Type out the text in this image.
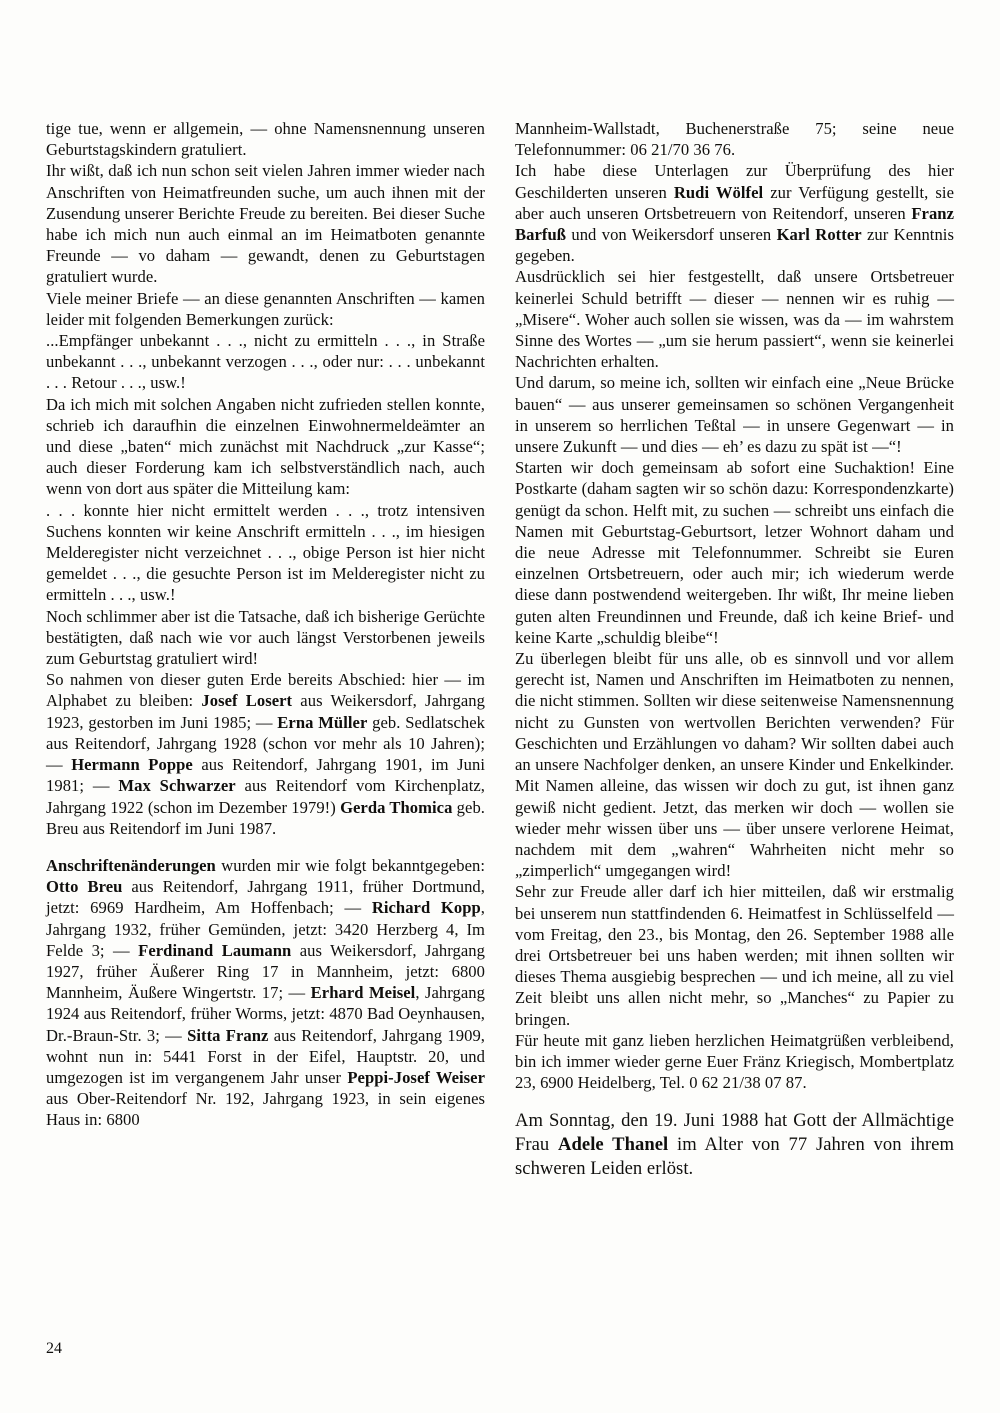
tige tue, wenn er allgemein, — ohne Namensnennung unseren Geburtstagskindern gratuliert.

Ihr wißt, daß ich nun schon seit vielen Jahren immer wieder nach Anschriften von Heimatfreunden suche, um auch ihnen mit der Zusendung unserer Berichte Freude zu bereiten. Bei dieser Suche habe ich mich nun auch einmal an im Heimatboten genannte Freunde — vo daham — gewandt, denen zu Geburtstagen gratuliert wurde.

Viele meiner Briefe — an diese genannten Anschriften — kamen leider mit folgenden Bemerkungen zurück:

...Empfänger unbekannt . . ., nicht zu ermitteln . . ., in Straße unbekannt . . ., unbekannt verzogen . . ., oder nur: . . . unbekannt . . . Retour . . ., usw.!

Da ich mich mit solchen Angaben nicht zufrieden stellen konnte, schrieb ich daraufhin die einzelnen Einwohnermeldeämter an und diese „baten“ mich zunächst mit Nachdruck „zur Kasse“; auch dieser Forderung kam ich selbstverständlich nach, auch wenn von dort aus später die Mitteilung kam:

. . . konnte hier nicht ermittelt werden . . ., trotz intensiven Suchens konnten wir keine Anschrift ermitteln . . ., im hiesigen Melderegister nicht verzeichnet . . ., obige Person ist hier nicht gemeldet . . ., die gesuchte Person ist im Melderegister nicht zu ermitteln . . ., usw.!

Noch schlimmer aber ist die Tatsache, daß ich bisherige Gerüchte bestätigten, daß nach wie vor auch längst Verstorbenen jeweils zum Geburtstag gratuliert wird!

So nahmen von dieser guten Erde bereits Abschied: hier — im Alphabet zu bleiben: Josef Losert aus Weikersdorf, Jahrgang 1923, gestorben im Juni 1985; — Erna Müller geb. Sedlatschek aus Reitendorf, Jahrgang 1928 (schon vor mehr als 10 Jahren); — Hermann Poppe aus Reitendorf, Jahrgang 1901, im Juni 1981; — Max Schwarzer aus Reitendorf vom Kirchenplatz, Jahrgang 1922 (schon im Dezember 1979!) Gerda Thomica geb. Breu aus Reitendorf im Juni 1987.

Anschriftenänderungen wurden mir wie folgt bekanntgegeben: Otto Breu aus Reitendorf, Jahrgang 1911, früher Dortmund, jetzt: 6969 Hardheim, Am Hoffenbach; — Richard Kopp, Jahrgang 1932, früher Gemünden, jetzt: 3420 Herzberg 4, Im Felde 3; — Ferdinand Laumann aus Weikersdorf, Jahrgang 1927, früher Äußerer Ring 17 in Mannheim, jetzt: 6800 Mannheim, Äußere Wingertstr. 17; — Erhard Meisel, Jahrgang 1924 aus Reitendorf, früher Worms, jetzt: 4870 Bad Oeynhausen, Dr.-Braun-Str. 3; — Sitta Franz aus Reitendorf, Jahrgang 1909, wohnt nun in: 5441 Forst in der Eifel, Hauptstr. 20, und umgezogen ist im vergangenem Jahr unser Peppi-Josef Weiser aus Ober-Reitendorf Nr. 192, Jahrgang 1923, in sein eigenes Haus in: 6800

Mannheim-Wallstadt, Buchenerstraße 75; seine neue Telefonnummer: 06 21/70 36 76.

Ich habe diese Unterlagen zur Überprüfung des hier Geschilderten unseren Rudi Wölfel zur Verfügung gestellt, sie aber auch unseren Ortsbetreuern von Reitendorf, unseren Franz Barfuß und von Weikersdorf unseren Karl Rotter zur Kenntnis gegeben.

Ausdrücklich sei hier festgestellt, daß unsere Ortsbetreuer keinerlei Schuld betrifft — dieser — nennen wir es ruhig — „Misere“. Woher auch sollen sie wissen, was da — im wahrstem Sinne des Wortes — „um sie herum passiert“, wenn sie keinerlei Nachrichten erhalten.

Und darum, so meine ich, sollten wir einfach eine „Neue Brücke bauen“ — aus unserer gemeinsamen so schönen Vergangenheit in unserem so herrlichen Teßtal — in unsere Gegenwart — in unsere Zukunft — und dies — eh’ es dazu zu spät ist —“!

Starten wir doch gemeinsam ab sofort eine Suchaktion! Eine Postkarte (daham sagten wir so schön dazu: Korrespondenzkarte) genügt da schon. Helft mit, zu suchen — schreibt uns einfach die Namen mit Geburtstag-Geburtsort, letzer Wohnort daham und die neue Adresse mit Telefonnummer. Schreibt sie Euren einzelnen Ortsbetreuern, oder auch mir; ich wiederum werde diese dann postwendend weitergeben. Ihr wißt, Ihr meine lieben guten alten Freundinnen und Freunde, daß ich keine Brief- und keine Karte „schuldig bleibe“!

Zu überlegen bleibt für uns alle, ob es sinnvoll und vor allem gerecht ist, Namen und Anschriften im Heimatboten zu nennen, die nicht stimmen. Sollten wir diese seitenweise Namensnennung nicht zu Gunsten von wertvollen Berichten verwenden? Für Geschichten und Erzählungen vo daham? Wir sollten dabei auch an unsere Nachfolger denken, an unsere Kinder und Enkelkinder. Mit Namen alleine, das wissen wir doch zu gut, ist ihnen ganz gewiß nicht gedient. Jetzt, das merken wir doch — wollen sie wieder mehr wissen über uns — über unsere verlorene Heimat, nachdem mit dem „wahren“ Wahrheiten nicht mehr so „zimperlich“ umgegangen wird!

Sehr zur Freude aller darf ich hier mitteilen, daß wir erstmalig bei unserem nun stattfindenden 6. Heimatfest in Schlüsselfeld — vom Freitag, den 23., bis Montag, den 26. September 1988 alle drei Ortsbetreuer bei uns haben werden; mit ihnen sollten wir dieses Thema ausgiebig besprechen — und ich meine, all zu viel Zeit bleibt uns allen nicht mehr, so „Manches“ zu Papier zu bringen.

Für heute mit ganz lieben herzlichen Heimatgrüßen verbleibend, bin ich immer wieder gerne Euer Fränz Kriegisch, Mombertplatz 23, 6900 Heidelberg, Tel. 0 62 21/38 07 87.

Am Sonntag, den 19. Juni 1988 hat Gott der Allmächtige Frau Adele Thanel im Alter von 77 Jahren von ihrem schweren Leiden erlöst.

24
